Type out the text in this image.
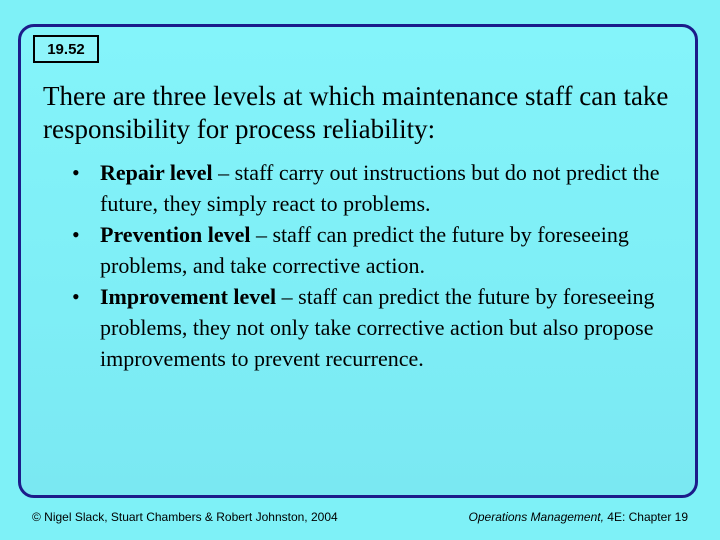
19.52
There are three levels at which maintenance staff can take responsibility for process reliability:
• Repair level – staff carry out instructions but do not predict the future, they simply react to problems.
• Prevention level – staff can predict the future by foreseeing problems, and take corrective action.
• Improvement level – staff can predict the future by foreseeing problems, they not only take corrective action but also propose improvements to prevent recurrence.
© Nigel Slack, Stuart Chambers & Robert Johnston, 2004	Operations Management, 4E: Chapter 19
